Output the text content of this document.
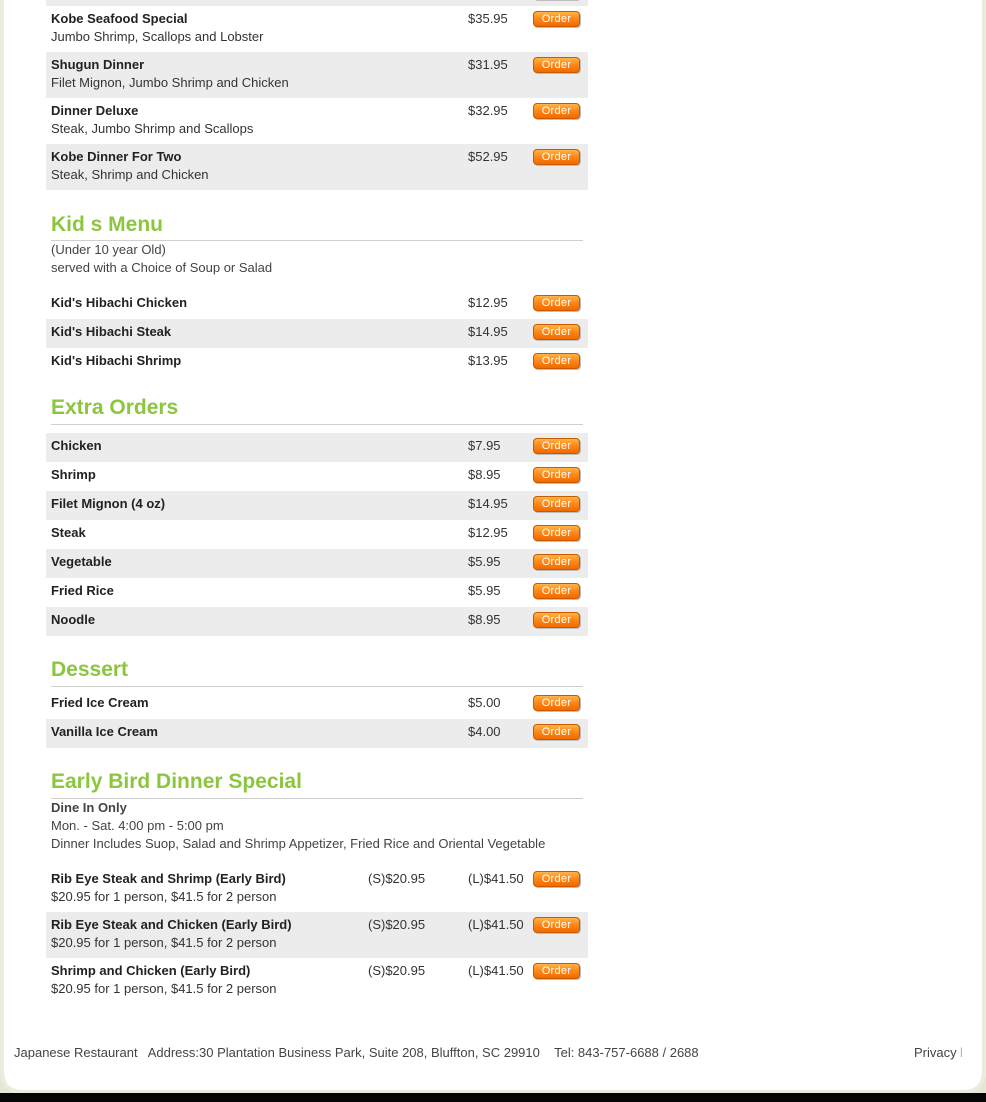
Kobe Seafood Special
Jumbo Shrimp, Scallops and Lobster
$35.95	Order
Shugun Dinner
Filet Mignon, Jumbo Shrimp and Chicken
$31.95	Order
Dinner Deluxe
Steak, Jumbo Shrimp and Scallops
$32.95	Order
Kobe Dinner For Two
Steak, Shrimp and Chicken
$52.95	Order
Kid s Menu
(Under 10 year Old)
served with a Choice of Soup or Salad
Kid's Hibachi Chicken	$12.95	Order
Kid's Hibachi Steak	$14.95	Order
Kid's Hibachi Shrimp	$13.95	Order
Extra Orders
Chicken	$7.95	Order
Shrimp	$8.95	Order
Filet Mignon (4 oz)	$14.95	Order
Steak	$12.95	Order
Vegetable	$5.95	Order
Fried Rice	$5.95	Order
Noodle	$8.95	Order
Dessert
Fried Ice Cream	$5.00	Order
Vanilla Ice Cream	$4.00	Order
Early Bird Dinner Special
Dine In Only
Mon. - Sat. 4:00 pm - 5:00 pm
Dinner Includes Suop, Salad and Shrimp Appetizer, Fried Rice and Oriental Vegetable
Rib Eye Steak and Shrimp (Early Bird)
$20.95 for 1 person, $41.5 for 2 person
(S)$20.95	(L)$41.50	Order
Rib Eye Steak and Chicken (Early Bird)
$20.95 for 1 person, $41.5 for 2 person
(S)$20.95	(L)$41.50	Order
Shrimp and Chicken (Early Bird)
$20.95 for 1 person, $41.5 for 2 person
(S)$20.95	(L)$41.50	Order
Japanese Restaurant   Address:30 Plantation Business Park, Suite 208, Bluffton, SC 29910    Tel: 843-757-6688 / 2688	Privacy |
